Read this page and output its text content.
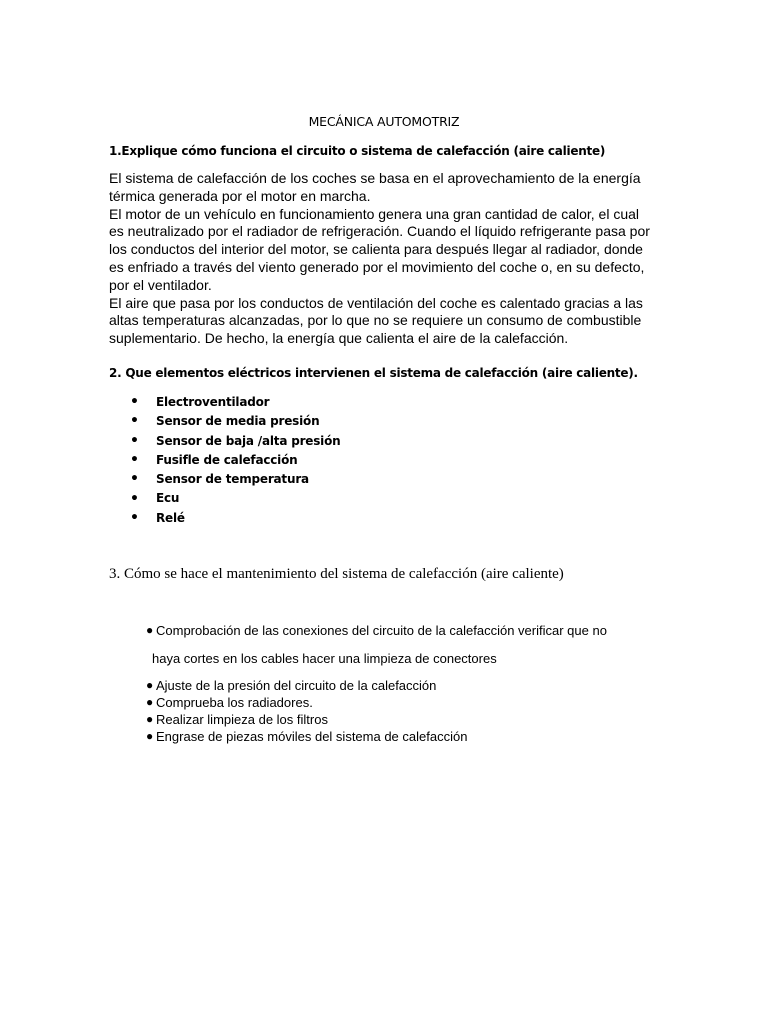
MECÁNICA AUTOMOTRIZ
1.Explique cómo funciona el circuito o sistema de calefacción (aire caliente)

El sistema de calefacción de los coches se basa en el aprovechamiento de la energía

térmica generada por el motor en marcha.

El motor de un vehículo en funcionamiento genera una gran cantidad de calor, el cual

es neutralizado por el radiador de refrigeración. Cuando el líquido refrigerante pasa por

los conductos del interior del motor, se calienta para después llegar al radiador, donde

es enfriado a través del viento generado por el movimiento del coche o, en su defecto,

por el ventilador.

El aire que pasa por los conductos de ventilación del coche es calentado gracias a las

altas temperaturas alcanzadas, por lo que no se requiere un consumo de combustible

suplementario. De hecho, la energía que calienta el aire de la calefacción.

2. Que elementos eléctricos intervienen el sistema de calefacción (aire caliente).
•	Electroventilador
•	Sensor de media presión
•	Sensor de baja /alta presión
•	Fusifle de calefacción
•	Sensor de temperatura
•	Ecu
•	Relé
3. Cómo se hace el mantenimiento del sistema de calefacción (aire caliente)
● Comprobación de las conexiones del circuito de la calefacción verificar que no
haya cortes en los cables hacer una limpieza de conectores
● Ajuste de la presión del circuito de la calefacción
● Comprueba los radiadores.
● Realizar limpieza de los filtros
● Engrase de piezas móviles del sistema de calefacción
